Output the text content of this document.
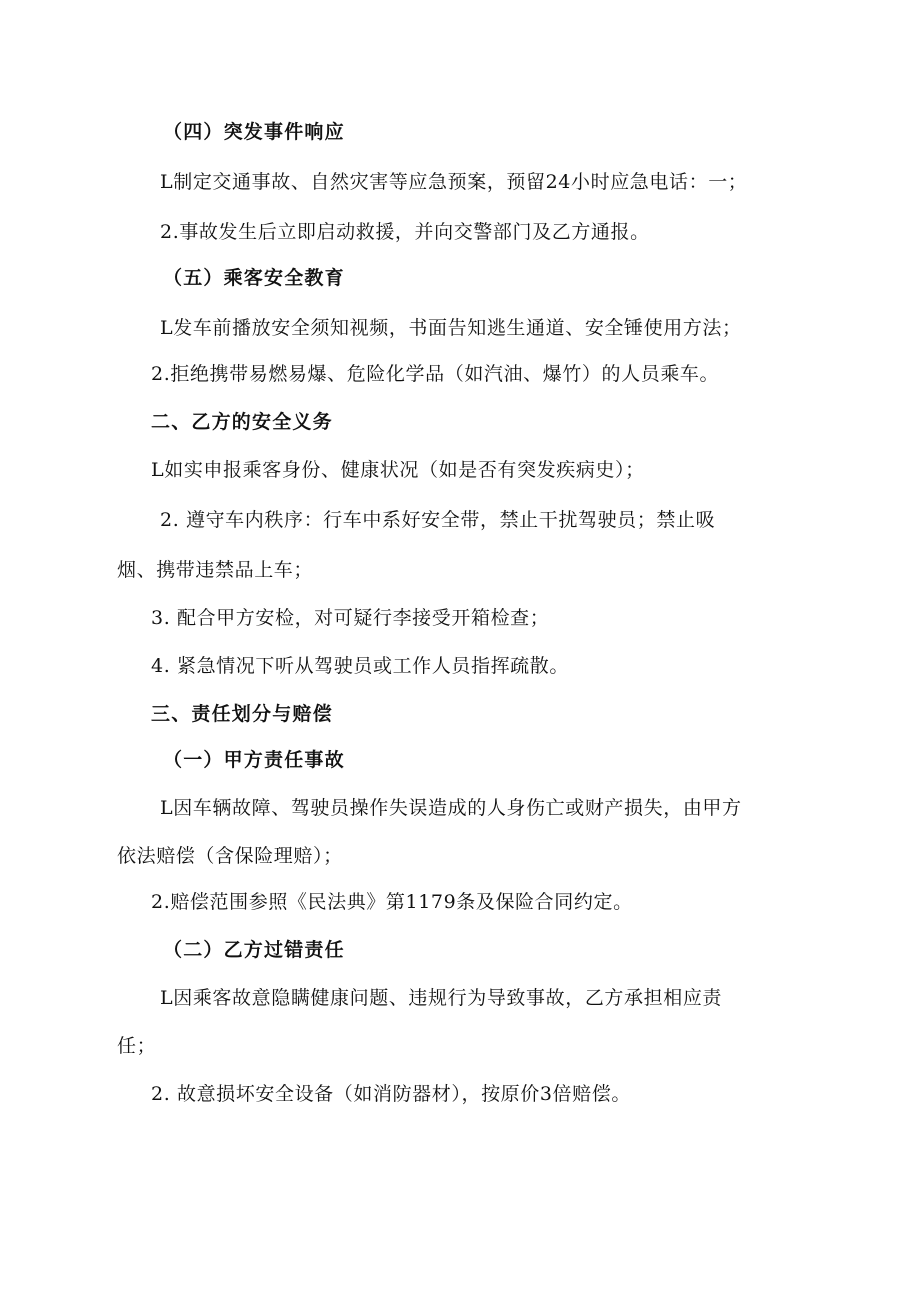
（四）突发事件响应
L制定交通事故、自然灾害等应急预案，预留24小时应急电话：一；
2.事故发生后立即启动救援，并向交警部门及乙方通报。
（五）乘客安全教育
L发车前播放安全须知视频，书面告知逃生通道、安全锤使用方法；
2.拒绝携带易燃易爆、危险化学品（如汽油、爆竹）的人员乘车。
二、乙方的安全义务
L如实申报乘客身份、健康状况（如是否有突发疾病史）；
2. 遵守车内秩序：行车中系好安全带，禁止干扰驾驶员；禁止吸
烟、携带违禁品上车；
3. 配合甲方安检，对可疑行李接受开箱检查；
4. 紧急情况下听从驾驶员或工作人员指挥疏散。
三、责任划分与赔偿
（一）甲方责任事故
L因车辆故障、驾驶员操作失误造成的人身伤亡或财产损失，由甲方
依法赔偿（含保险理赔）；
2.赔偿范围参照《民法典》第1179条及保险合同约定。
（二）乙方过错责任
L因乘客故意隐瞒健康问题、违规行为导致事故，乙方承担相应责
任；
2. 故意损坏安全设备（如消防器材），按原价3倍赔偿。
